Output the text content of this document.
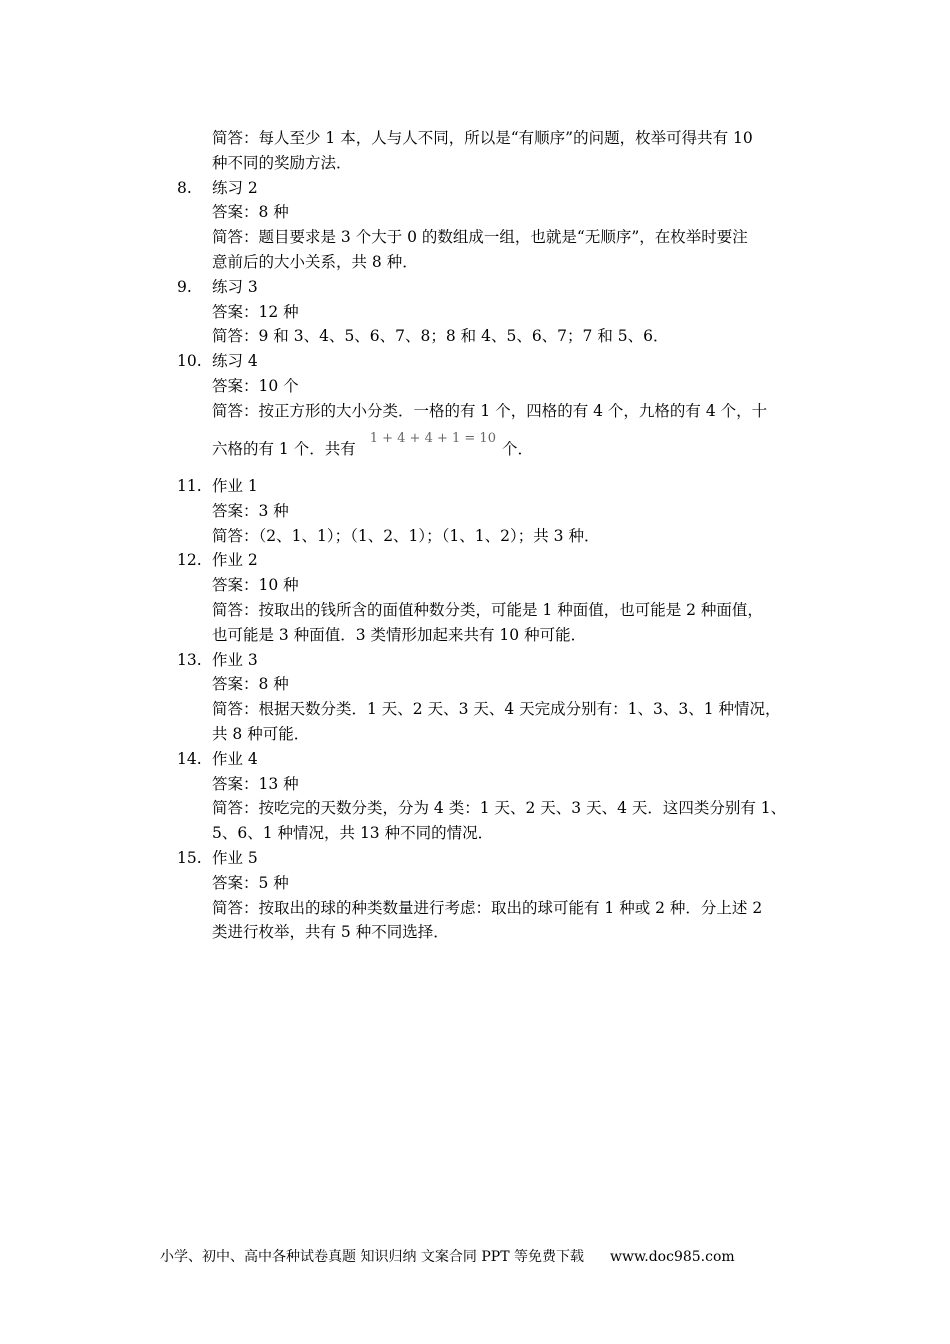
简答：每人至少 1 本，人与人不同，所以是“有顺序”的问题，枚举可得共有 10
种不同的奖励方法．
8. 练习 2
答案：8 种
简答：题目要求是 3 个大于 0 的数组成一组，也就是“无顺序”，在枚举时要注
意前后的大小关系，共 8 种．
9. 练习 3
答案：12 种
简答：9 和 3、4、5、6、7、8；8 和 4、5、6、7；7 和 5、6．
10. 练习 4
答案：10 个
简答：按正方形的大小分类．一格的有 1 个，四格的有 4 个，九格的有 4 个，十
六格的有 1 个．共有$^{1 + 4 + 4 + 1 = 10}$个．
11. 作业 1
答案：3 种
简答：（2、1、1）；（1、2、1）；（1、1、2）；共 3 种．
12. 作业 2
答案：10 种
简答：按取出的钱所含的面值种数分类，可能是 1 种面值，也可能是 2 种面值，
也可能是 3 种面值．3 类情形加起来共有 10 种可能．
13. 作业 3
答案：8 种
简答：根据天数分类．1 天、2 天、3 天、4 天完成分别有：1、3、3、1 种情况，
共 8 种可能．
14. 作业 4
答案：13 种
简答：按吃完的天数分类，分为 4 类：1 天、2 天、3 天、4 天．这四类分别有 1、
5、6、1 种情况，共 13 种不同的情况．
15. 作业 5
答案：5 种
简答：按取出的球的种类数量进行考虑：取出的球可能有 1 种或 2 种．分上述 2
类进行枚举，共有 5 种不同选择．
小学、初中、高中各种试卷真题 知识归纳 文案合同 PPT 等免费下载 www.doc985.com
